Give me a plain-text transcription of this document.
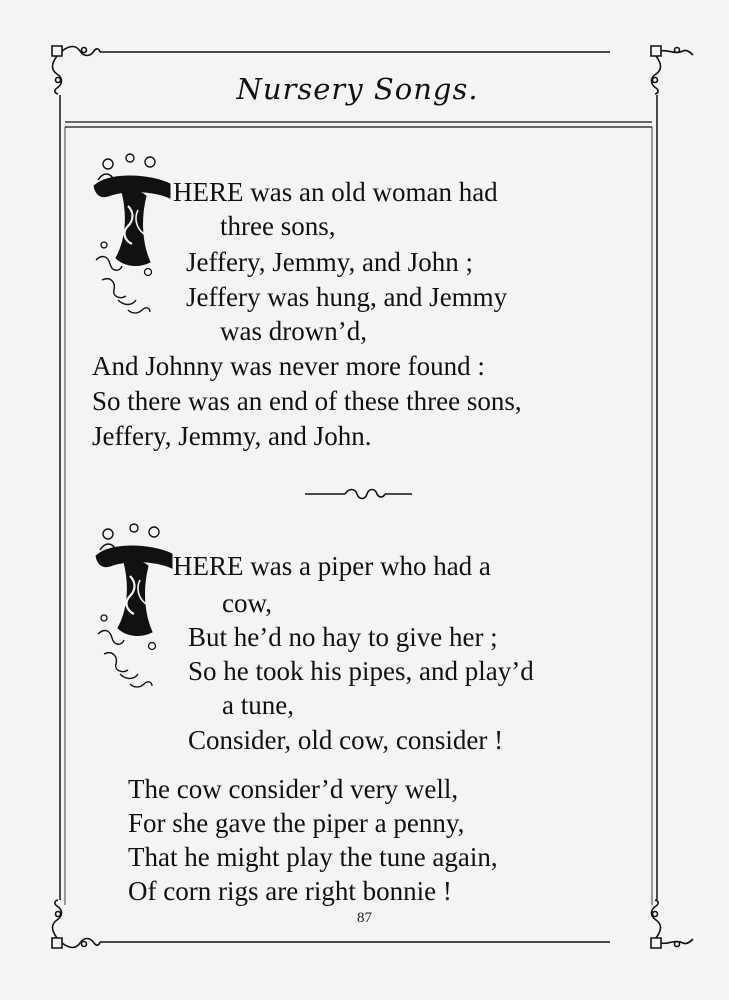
Nursery Songs.
HERE was an old woman had
three sons,
Jeffery, Jemmy, and John ;
Jeffery was hung, and Jemmy
was drown’d,
And Johnny was never more found :
So there was an end of these three sons,
Jeffery, Jemmy, and John.
HERE was a piper who had a
cow,
But he’d no hay to give her ;
So he took his pipes, and play’d
a tune,
Consider, old cow, consider !
The cow consider’d very well,
For she gave the piper a penny,
That he might play the tune again,
Of corn rigs are right bonnie !
87
